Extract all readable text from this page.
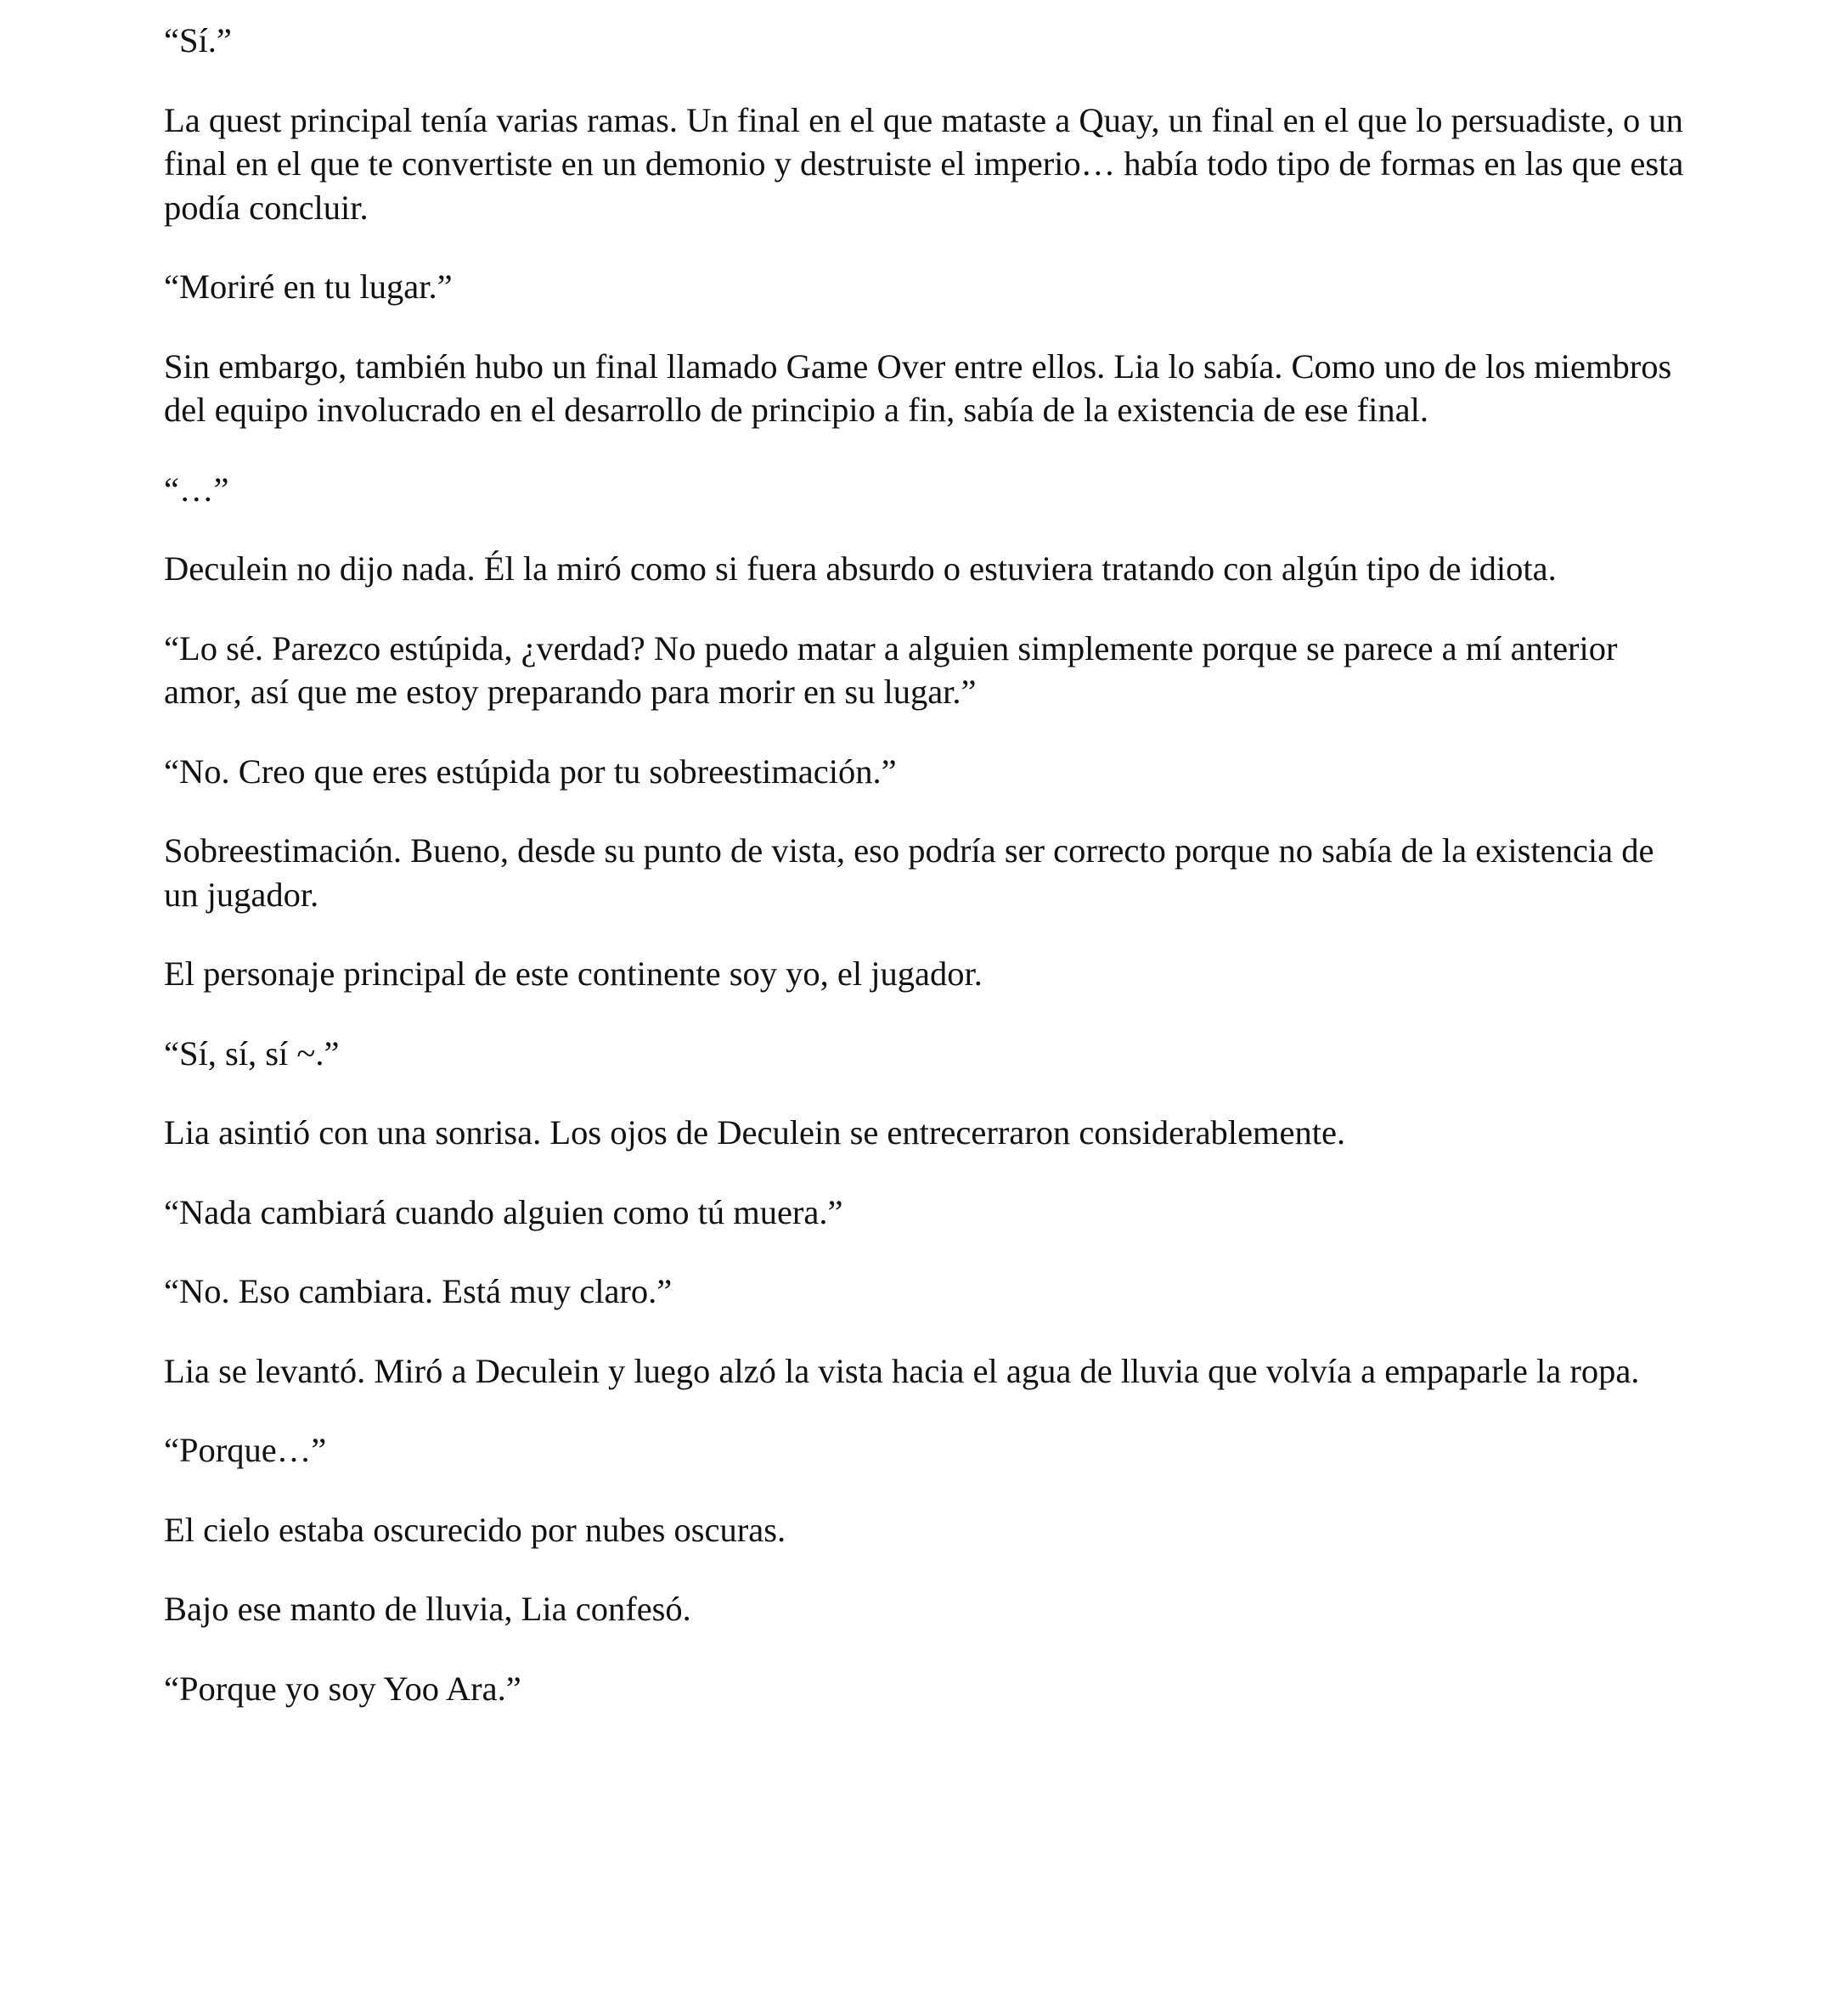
“Sí.”

La quest principal tenía varias ramas. Un final en el que mataste a Quay, un final en el que lo persuadiste, o un final en el que te convertiste en un demonio y destruiste el imperio… había todo tipo de formas en las que esta podía concluir.

“Moriré en tu lugar.”

Sin embargo, también hubo un final llamado Game Over entre ellos. Lia lo sabía. Como uno de los miembros del equipo involucrado en el desarrollo de principio a fin, sabía de la existencia de ese final.

“…”

Deculein no dijo nada. Él la miró como si fuera absurdo o estuviera tratando con algún tipo de idiota.

“Lo sé. Parezco estúpida, ¿verdad? No puedo matar a alguien simplemente porque se parece a mí anterior amor, así que me estoy preparando para morir en su lugar.”

“No. Creo que eres estúpida por tu sobreestimación.”

Sobreestimación. Bueno, desde su punto de vista, eso podría ser correcto porque no sabía de la existencia de un jugador.

El personaje principal de este continente soy yo, el jugador.

“Sí, sí, sí ~.”

Lia asintió con una sonrisa. Los ojos de Deculein se entrecerraron considerablemente.

“Nada cambiará cuando alguien como tú muera.”

“No. Eso cambiara. Está muy claro.”

Lia se levantó. Miró a Deculein y luego alzó la vista hacia el agua de lluvia que volvía a empaparle la ropa.

“Porque…”

El cielo estaba oscurecido por nubes oscuras.

Bajo ese manto de lluvia, Lia confesó.

“Porque yo soy Yoo Ara.”
